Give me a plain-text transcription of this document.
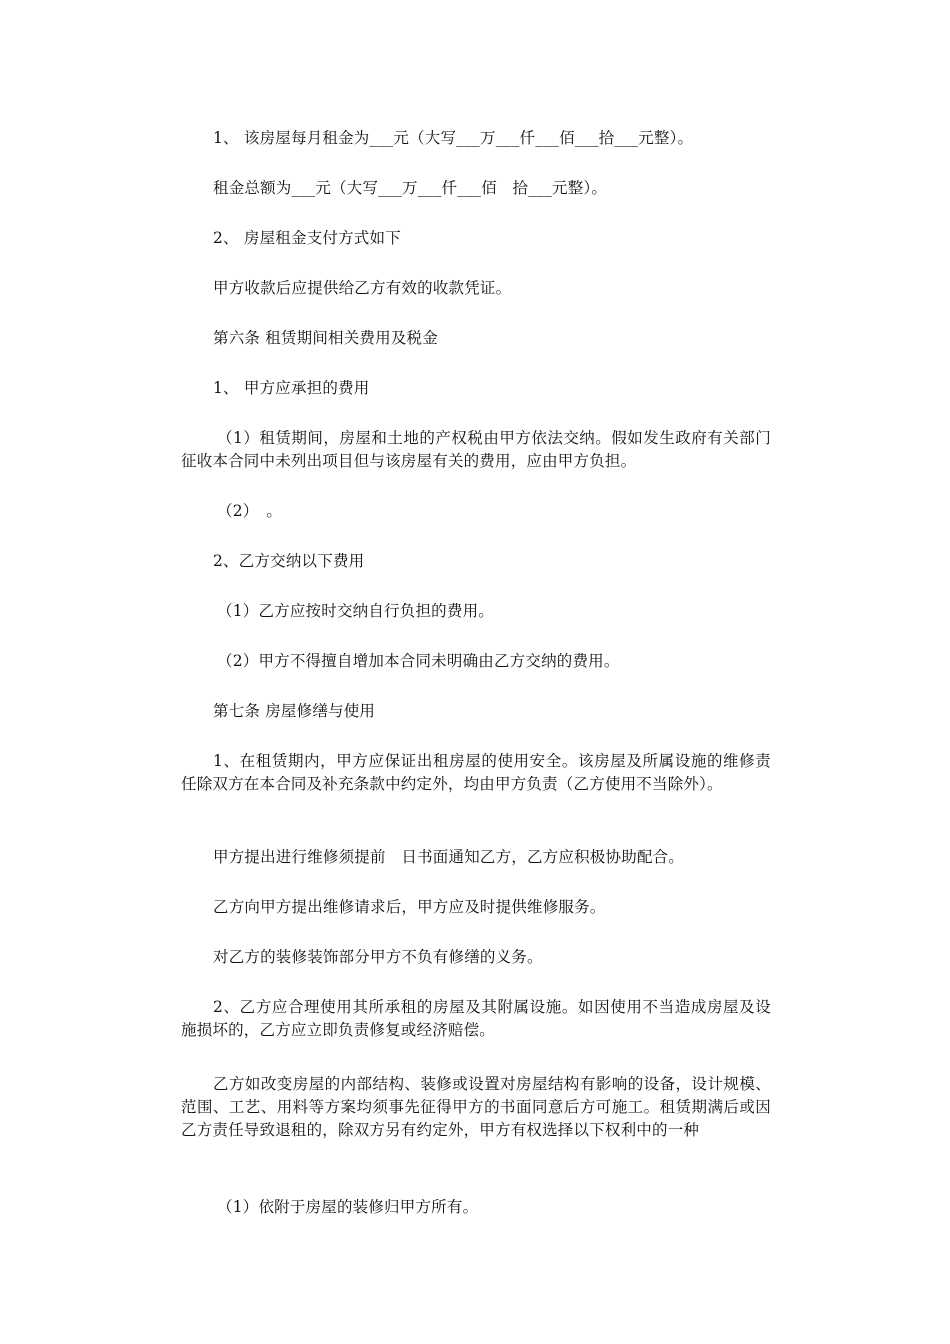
1、 该房屋每月租金为___元（大写___万___仟___佰___拾___元整）。

租金总额为___元（大写___万___仟___佰　拾___元整）。

2、 房屋租金支付方式如下

甲方收款后应提供给乙方有效的收款凭证。

第六条 租赁期间相关费用及税金

1、 甲方应承担的费用

（1）租赁期间，房屋和土地的产权税由甲方依法交纳。假如发生政府有关部门征收本合同中未列出项目但与该房屋有关的费用，应由甲方负担。

（2）　。

2、乙方交纳以下费用

（1）乙方应按时交纳自行负担的费用。

（2）甲方不得擅自增加本合同未明确由乙方交纳的费用。

第七条 房屋修缮与使用

1、在租赁期内，甲方应保证出租房屋的使用安全。该房屋及所属设施的维修责任除双方在本合同及补充条款中约定外，均由甲方负责（乙方使用不当除外）。

甲方提出进行维修须提前　日书面通知乙方，乙方应积极协助配合。

乙方向甲方提出维修请求后，甲方应及时提供维修服务。

对乙方的装修装饰部分甲方不负有修缮的义务。

2、乙方应合理使用其所承租的房屋及其附属设施。如因使用不当造成房屋及设施损坏的，乙方应立即负责修复或经济赔偿。

乙方如改变房屋的内部结构、装修或设置对房屋结构有影响的设备，设计规模、范围、工艺、用料等方案均须事先征得甲方的书面同意后方可施工。租赁期满后或因乙方责任导致退租的，除双方另有约定外，甲方有权选择以下权利中的一种

（1）依附于房屋的装修归甲方所有。
